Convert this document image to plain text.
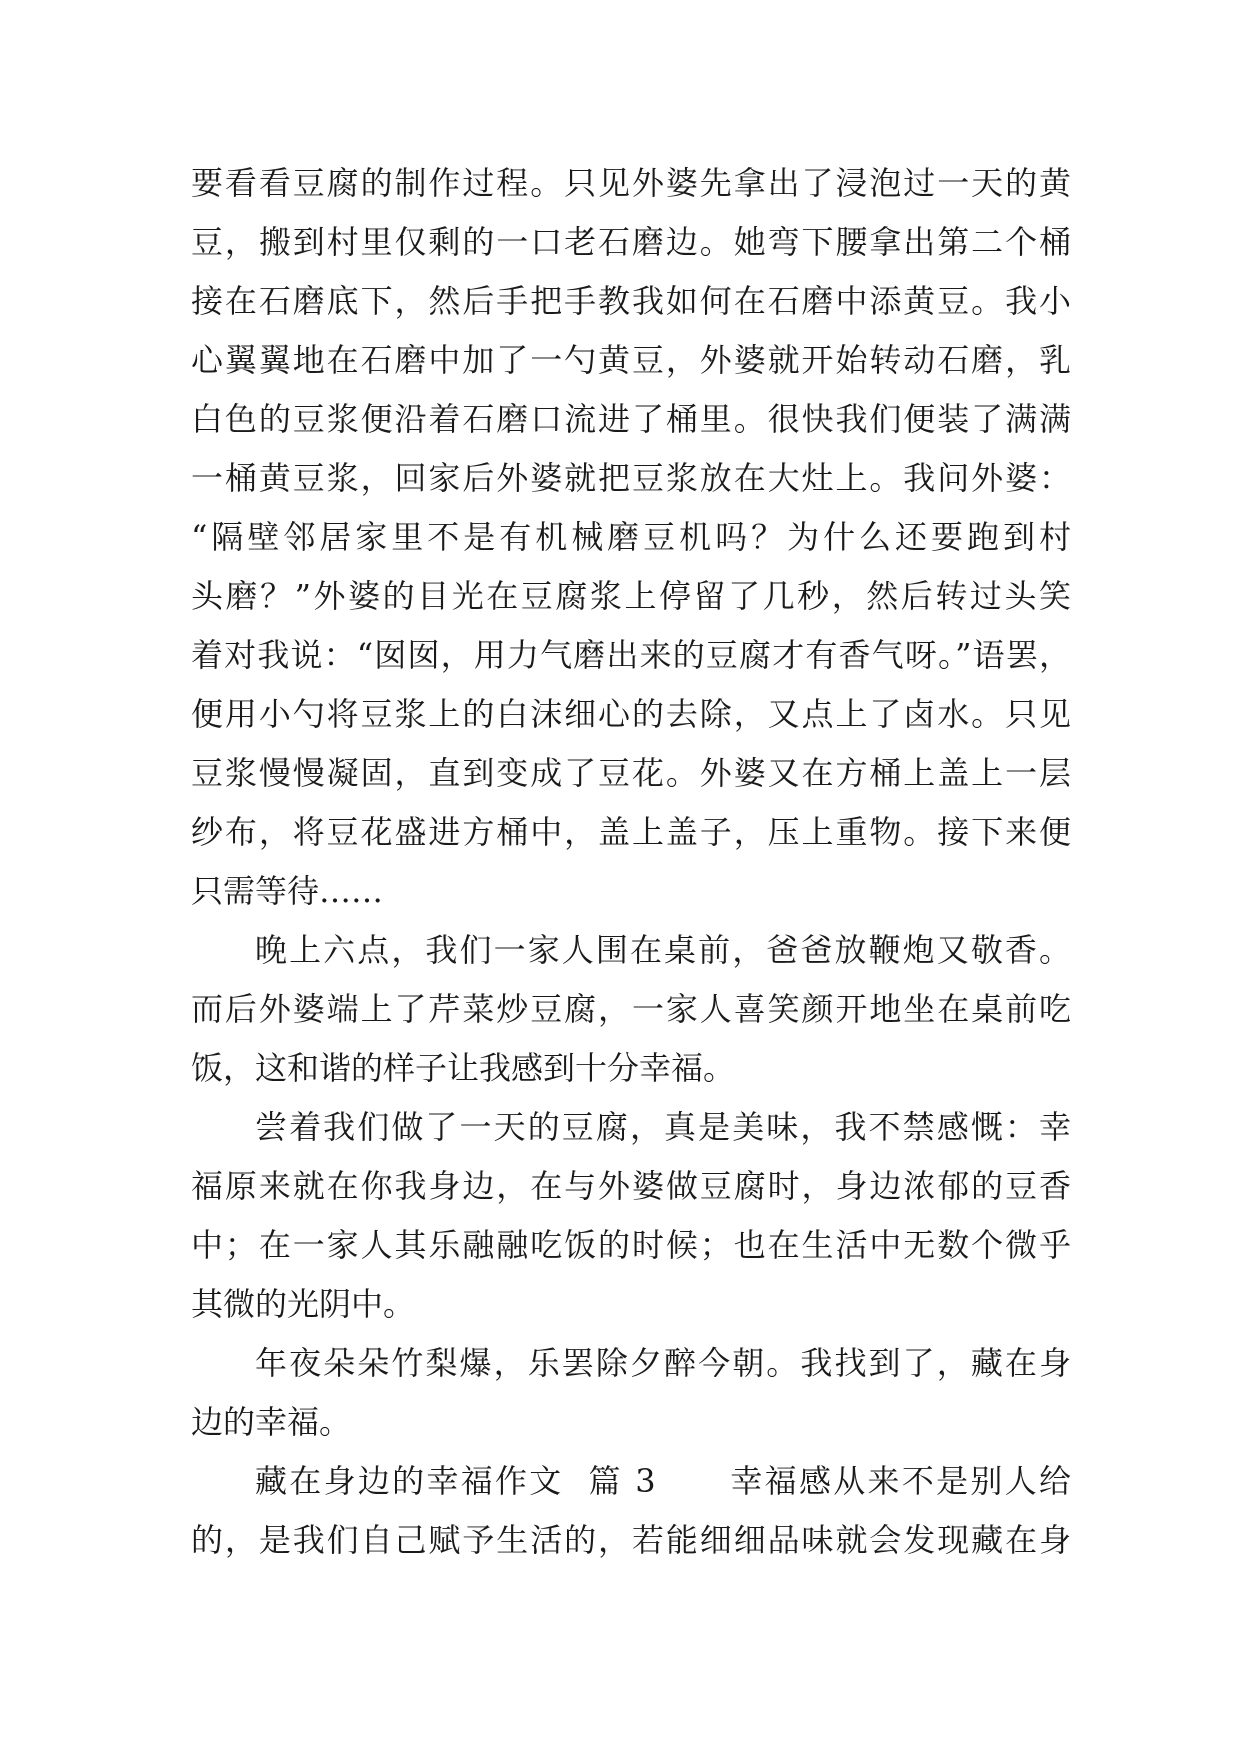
要看看豆腐的制作过程。只见外婆先拿出了浸泡过一天的黄
豆，搬到村里仅剩的一口老石磨边。她弯下腰拿出第二个桶
接在石磨底下，然后手把手教我如何在石磨中添黄豆。我小
心翼翼地在石磨中加了一勺黄豆，外婆就开始转动石磨，乳
白色的豆浆便沿着石磨口流进了桶里。很快我们便装了满满
一桶黄豆浆，回家后外婆就把豆浆放在大灶上。我问外婆：
“隔壁邻居家里不是有机械磨豆机吗？为什么还要跑到村
头磨？”外婆的目光在豆腐浆上停留了几秒，然后转过头笑
着对我说：“囡囡，用力气磨出来的豆腐才有香气呀。”语罢，
便用小勺将豆浆上的白沫细心的去除，又点上了卤水。只见
豆浆慢慢凝固，直到变成了豆花。外婆又在方桶上盖上一层
纱布，将豆花盛进方桶中，盖上盖子，压上重物。接下来便
只需等待……
晚上六点，我们一家人围在桌前，爸爸放鞭炮又敬香。
而后外婆端上了芹菜炒豆腐，一家人喜笑颜开地坐在桌前吃
饭，这和谐的样子让我感到十分幸福。
尝着我们做了一天的豆腐，真是美味，我不禁感慨：幸
福原来就在你我身边，在与外婆做豆腐时，身边浓郁的豆香
中；在一家人其乐融融吃饭的时候；也在生活中无数个微乎
其微的光阴中。
年夜朵朵竹梨爆，乐罢除夕醉今朝。我找到了，藏在身
边的幸福。
藏在身边的幸福作文  篇 3      幸福感从来不是别人给
的，是我们自己赋予生活的，若能细细品味就会发现藏在身
